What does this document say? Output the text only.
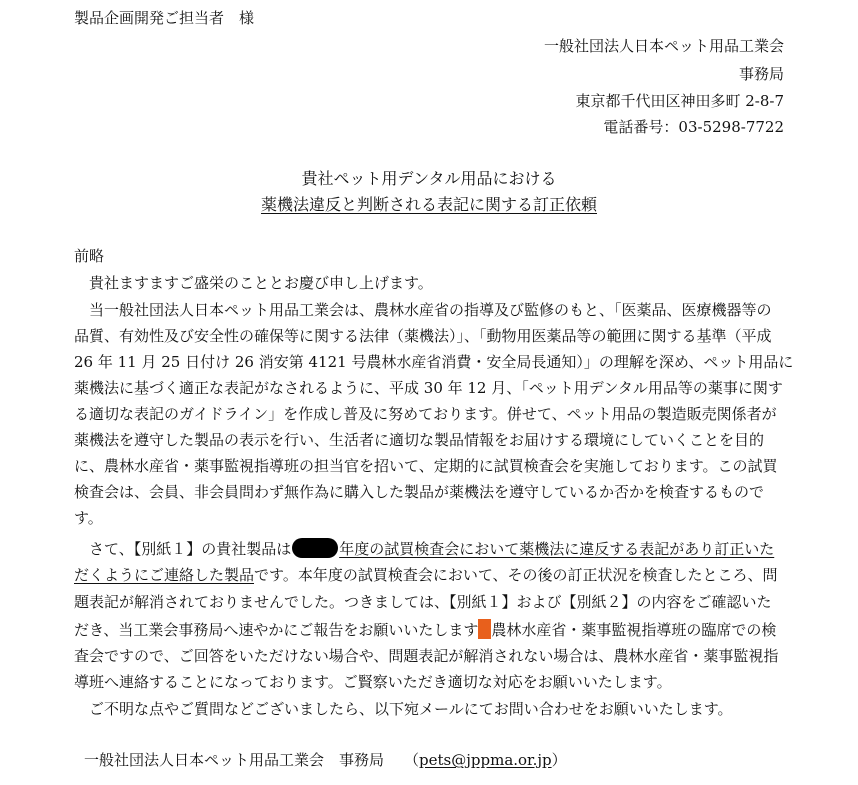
製品企画開発ご担当者　様
一般社団法人日本ペット用品工業会
事務局
東京都千代田区神田多町 2-8-7
電話番号：03-5298-7722
貴社ペット用デンタル用品における
薬機法違反と判断される表記に関する訂正依頼
前略
　貴社ますますご盛栄のこととお慶び申し上げます。
　当一般社団法人日本ペット用品工業会は、農林水産省の指導及び監修のもと、「医薬品、医療機器等の
品質、有効性及び安全性の確保等に関する法律（薬機法）」、「動物用医薬品等の範囲に関する基準（平成
26 年 11 月 25 日付け 26 消安第 4121 号農林水産省消費・安全局長通知）」の理解を深め、ペット用品に
薬機法に基づく適正な表記がなされるように、平成 30 年 12 月、「ペット用デンタル用品等の薬事に関す
る適切な表記のガイドライン」を作成し普及に努めております。併せて、ペット用品の製造販売関係者が
薬機法を遵守した製品の表示を行い、生活者に適切な製品情報をお届けする環境にしていくことを目的
に、農林水産省・薬事監視指導班の担当官を招いて、定期的に試買検査会を実施しております。この試買
検査会は、会員、非会員問わず無作為に購入した製品が薬機法を遵守しているか否かを検査するもので
す。
　さて、【別紙１】の貴社製品は	年度の試買検査会において薬機法に違反する表記があり訂正いた
だくようにご連絡した製品です。本年度の試買検査会において、その後の訂正状況を検査したところ、問
題表記が解消されておりませんでした。つきましては、【別紙１】および【別紙２】の内容をご確認いた
だき、当工業会事務局へ速やかにご報告をお願いいたします 農林水産省・薬事監視指導班の臨席での検
査会ですので、ご回答をいただけない場合や、問題表記が解消されない場合は、農林水産省・薬事監視指
導班へ連絡することになっております。ご賢察いただき適切な対応をお願いいたします。
　ご不明な点やご質問などございましたら、以下宛メールにてお問い合わせをお願いいたします。
一般社団法人日本ペット用品工業会　事務局 （pets@jppma.or.jp）
